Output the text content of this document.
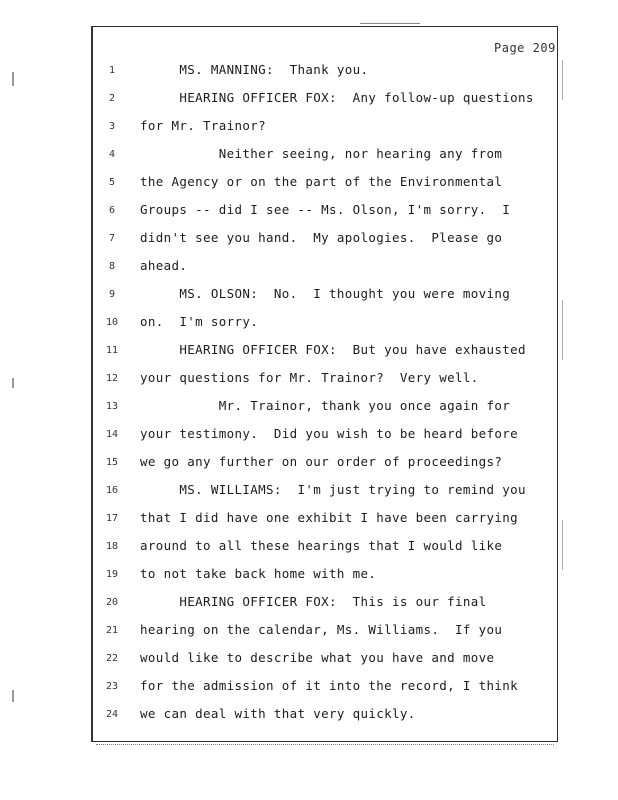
Page 209
1	MS. MANNING:  Thank you.
2	HEARING OFFICER FOX:  Any follow-up questions
3	for Mr. Trainor?
4	Neither seeing, nor hearing any from
5	the Agency or on the part of the Environmental
6	Groups -- did I see -- Ms. Olson, I'm sorry.  I
7	didn't see you hand.  My apologies.  Please go
8	ahead.
9	MS. OLSON:  No.  I thought you were moving
10	on.  I'm sorry.
11	HEARING OFFICER FOX:  But you have exhausted
12	your questions for Mr. Trainor?  Very well.
13	Mr. Trainor, thank you once again for
14	your testimony.  Did you wish to be heard before
15	we go any further on our order of proceedings?
16	MS. WILLIAMS:  I'm just trying to remind you
17	that I did have one exhibit I have been carrying
18	around to all these hearings that I would like
19	to not take back home with me.
20	HEARING OFFICER FOX:  This is our final
21	hearing on the calendar, Ms. Williams.  If you
22	would like to describe what you have and move
23	for the admission of it into the record, I think
24	we can deal with that very quickly.
